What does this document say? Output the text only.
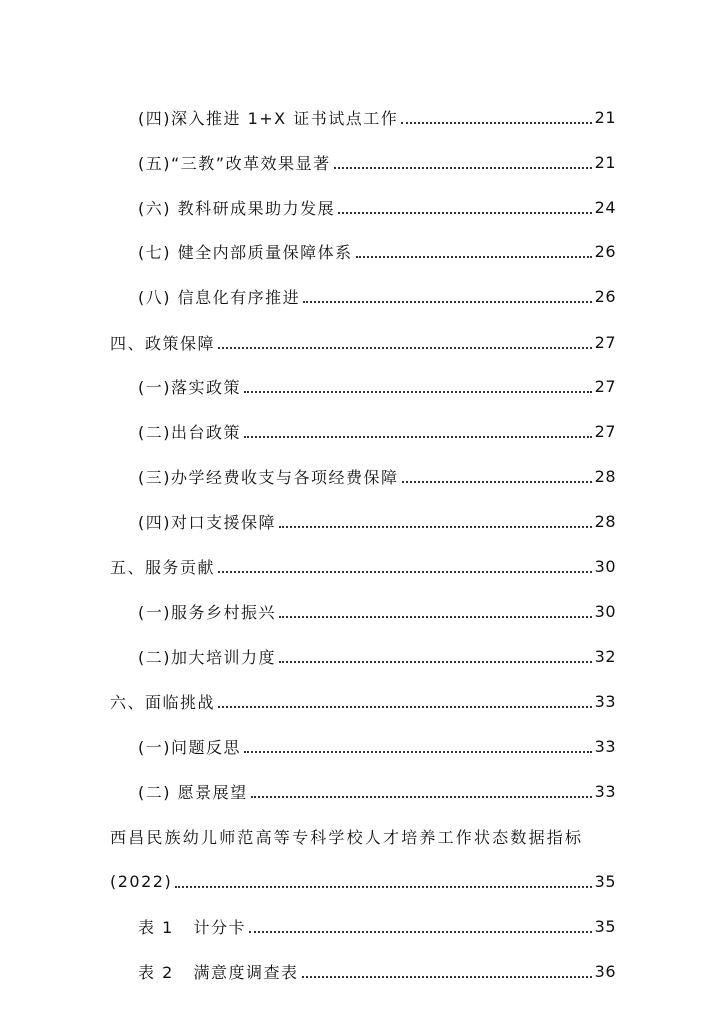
(四)深入推进 1+X 证书试点工作	21
(五)“三教”改革效果显著	21
(六) 教科研成果助力发展	24
(七) 健全内部质量保障体系	26
(八) 信息化有序推进	26
四、政策保障	27
(一)落实政策	27
(二)出台政策	27
(三)办学经费收支与各项经费保障	28
(四)对口支援保障	28
五、服务贡献	30
(一)服务乡村振兴	30
(二)加大培训力度	32
六、面临挑战	33
(一)问题反思	33
(二) 愿景展望	33
西昌民族幼儿师范高等专科学校人才培养工作状态数据指标
(2022)	35
表 1   计分卡	35
表 2   满意度调查表	36
